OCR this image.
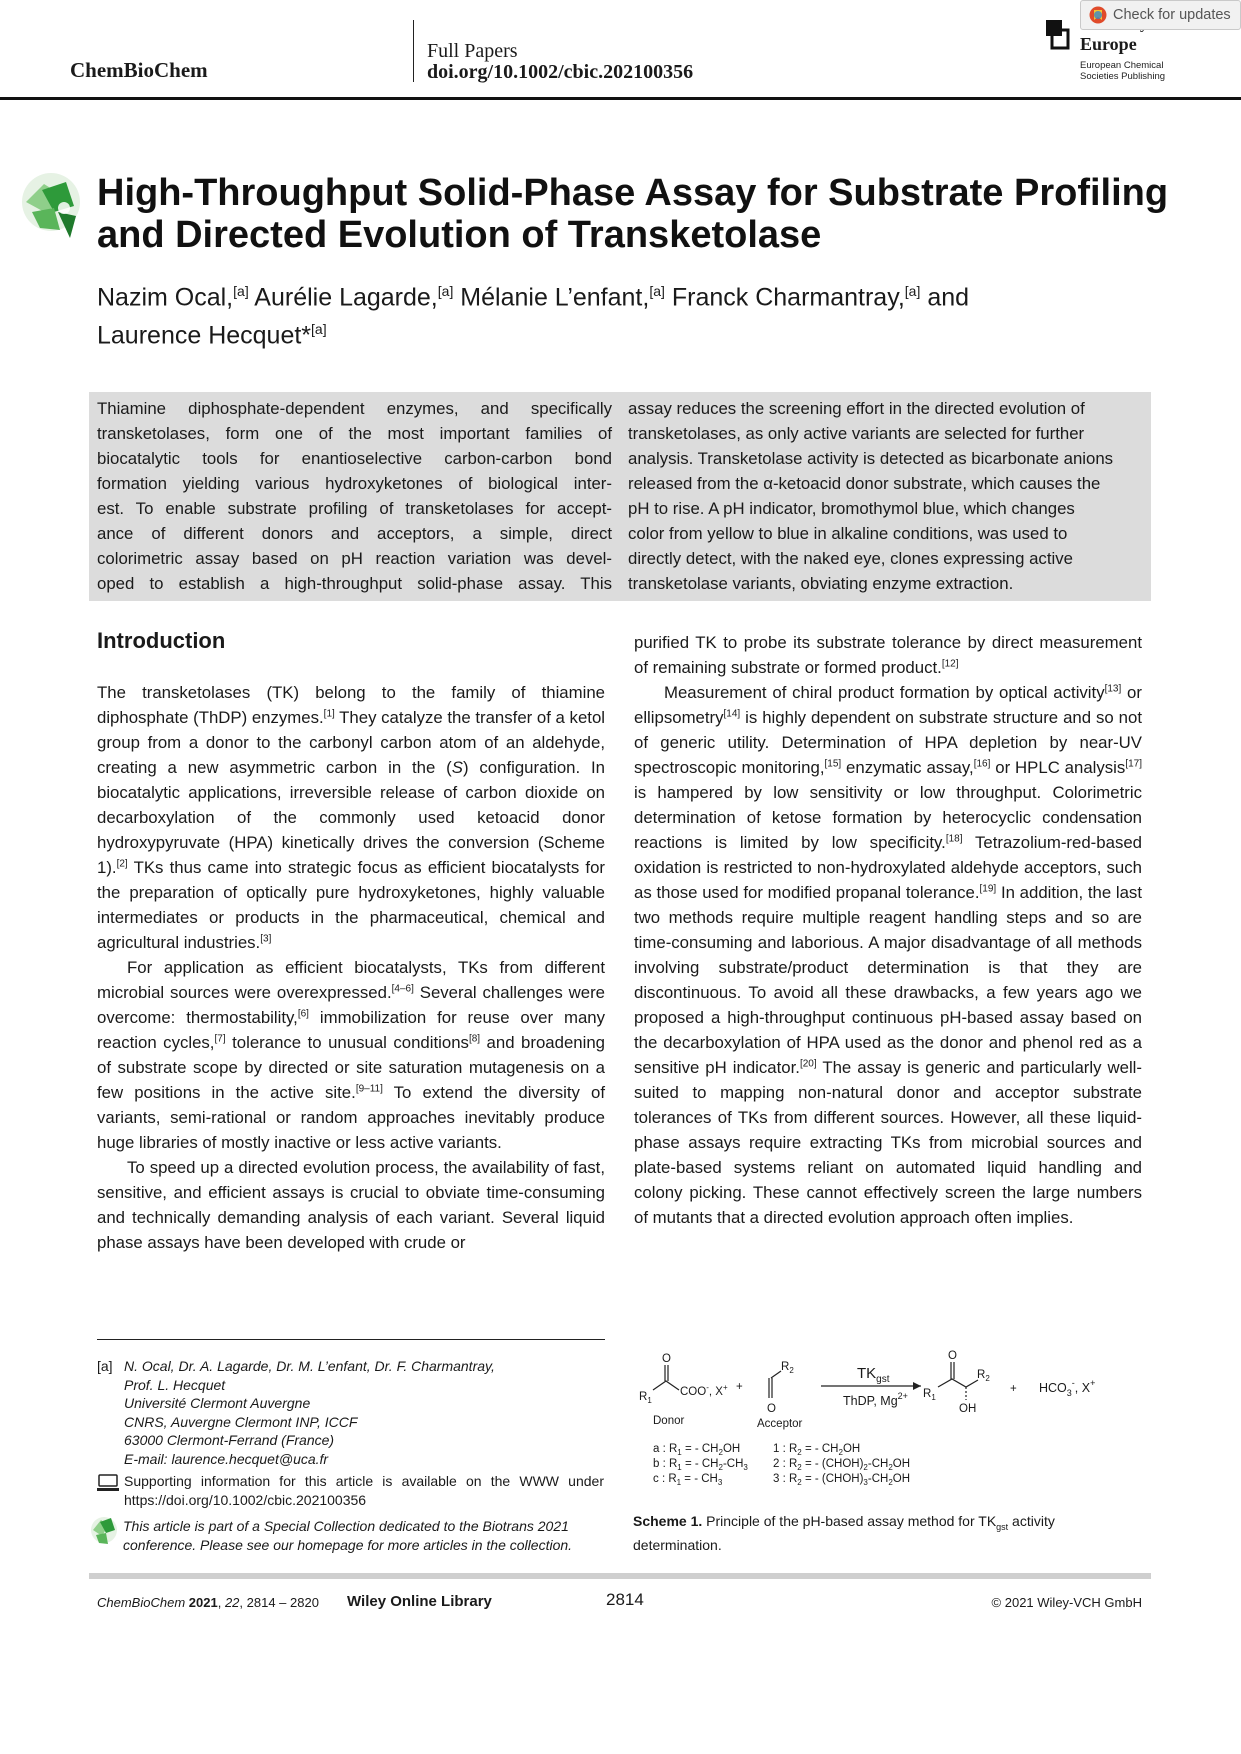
ChemBioChem
Full Papers
doi.org/10.1002/cbic.202100356
Europe
European Chemical
Societies Publishing
Check for updates
High-Throughput Solid-Phase Assay for Substrate Profiling and Directed Evolution of Transketolase
Nazim Ocal,[a] Aurélie Lagarde,[a] Mélanie L’enfant,[a] Franck Charmantray,[a] and
Laurence Hecquet*[a]
Thiamine diphosphate-dependent enzymes, and specifically
transketolases, form one of the most important families of
biocatalytic tools for enantioselective carbon-carbon bond
formation yielding various hydroxyketones of biological inter-
est. To enable substrate profiling of transketolases for accept-
ance of different donors and acceptors, a simple, direct
colorimetric assay based on pH reaction variation was devel-
oped to establish a high-throughput solid-phase assay. This
assay reduces the screening effort in the directed evolution of
transketolases, as only active variants are selected for further
analysis. Transketolase activity is detected as bicarbonate anions
released from the α-ketoacid donor substrate, which causes the
pH to rise. A pH indicator, bromothymol blue, which changes
color from yellow to blue in alkaline conditions, was used to
directly detect, with the naked eye, clones expressing active
transketolase variants, obviating enzyme extraction.
Introduction

The transketolases (TK) belong to the family of thiamine diphosphate (ThDP) enzymes.[1] They catalyze the transfer of a ketol group from a donor to the carbonyl carbon atom of an aldehyde, creating a new asymmetric carbon in the (S) configuration. In biocatalytic applications, irreversible release of carbon dioxide on decarboxylation of the commonly used ketoacid donor hydroxypyruvate (HPA) kinetically drives the conversion (Scheme 1).[2] TKs thus came into strategic focus as efficient biocatalysts for the preparation of optically pure hydroxyketones, highly valuable intermediates or products in the pharmaceutical, chemical and agricultural industries.[3]

For application as efficient biocatalysts, TKs from different microbial sources were overexpressed.[4–6] Several challenges were overcome: thermostability,[6] immobilization for reuse over many reaction cycles,[7] tolerance to unusual conditions[8] and broadening of substrate scope by directed or site saturation mutagenesis on a few positions in the active site.[9–11] To extend the diversity of variants, semi-rational or random approaches inevitably produce huge libraries of mostly inactive or less active variants.

To speed up a directed evolution process, the availability of fast, sensitive, and efficient assays is crucial to obviate time-consuming and technically demanding analysis of each variant. Several liquid phase assays have been developed with crude or

purified TK to probe its substrate tolerance by direct measurement of remaining substrate or formed product.[12]

Measurement of chiral product formation by optical activity[13] or ellipsometry[14] is highly dependent on substrate structure and so not of generic utility. Determination of HPA depletion by near-UV spectroscopic monitoring,[15] enzymatic assay,[16] or HPLC analysis[17] is hampered by low sensitivity or low throughput. Colorimetric determination of ketose formation by heterocyclic condensation reactions is limited by low specificity.[18] Tetrazolium-red-based oxidation is restricted to non-hydroxylated aldehyde acceptors, such as those used for modified propanal tolerance.[19] In addition, the last two methods require multiple reagent handling steps and so are time-consuming and laborious. A major disadvantage of all methods involving substrate/product determination is that they are discontinuous. To avoid all these drawbacks, a few years ago we proposed a high-throughput continuous pH-based assay based on the decarboxylation of HPA used as the donor and phenol red as a sensitive pH indicator.[20] The assay is generic and particularly well-suited to mapping non-natural donor and acceptor substrate tolerances of TKs from different sources. However, all these liquid-phase assays require extracting TKs from microbial sources and plate-based systems reliant on automated liquid handling and colony picking. These cannot effectively screen the large numbers of mutants that a directed evolution approach often implies.

[a] N. Ocal, Dr. A. Lagarde, Dr. M. L’enfant, Dr. F. Charmantray,
Prof. L. Hecquet
Université Clermont Auvergne
CNRS, Auvergne Clermont INP, ICCF
63000 Clermont-Ferrand (France)
E-mail: laurence.hecquet@uca.fr
Supporting information for this article is available on the WWW under https://doi.org/10.1002/cbic.202100356
This article is part of a Special Collection dedicated to the Biotrans 2021 conference. Please see our homepage for more articles in the collection.
O
$R_1$
COO-, X+
Donor
+
O
$R_2$
Acceptor
$TK_{gst}$
ThDP, $Mg^{2+}$
O
$R_1$
$R_2$
OH
+ $HCO_3^-$, X+
a : $R_1$ = - $CH_2OH$
b : $R_1$ = - $CH_2-CH_3$
c : $R_1$ = - $CH_3$
1 : $R_2$ = - $CH_2OH$
2 : $R_2$ = - $(CHOH)_2-CH_2OH$
3 : $R_2$ = - $(CHOH)_3-CH_2OH$
Scheme 1. Principle of the pH-based assay method for $TK_{gst}$ activity determination.
ChemBioChem 2021, 22, 2814 – 2820 Wiley Online Library	2814	© 2021 Wiley-VCH GmbH
